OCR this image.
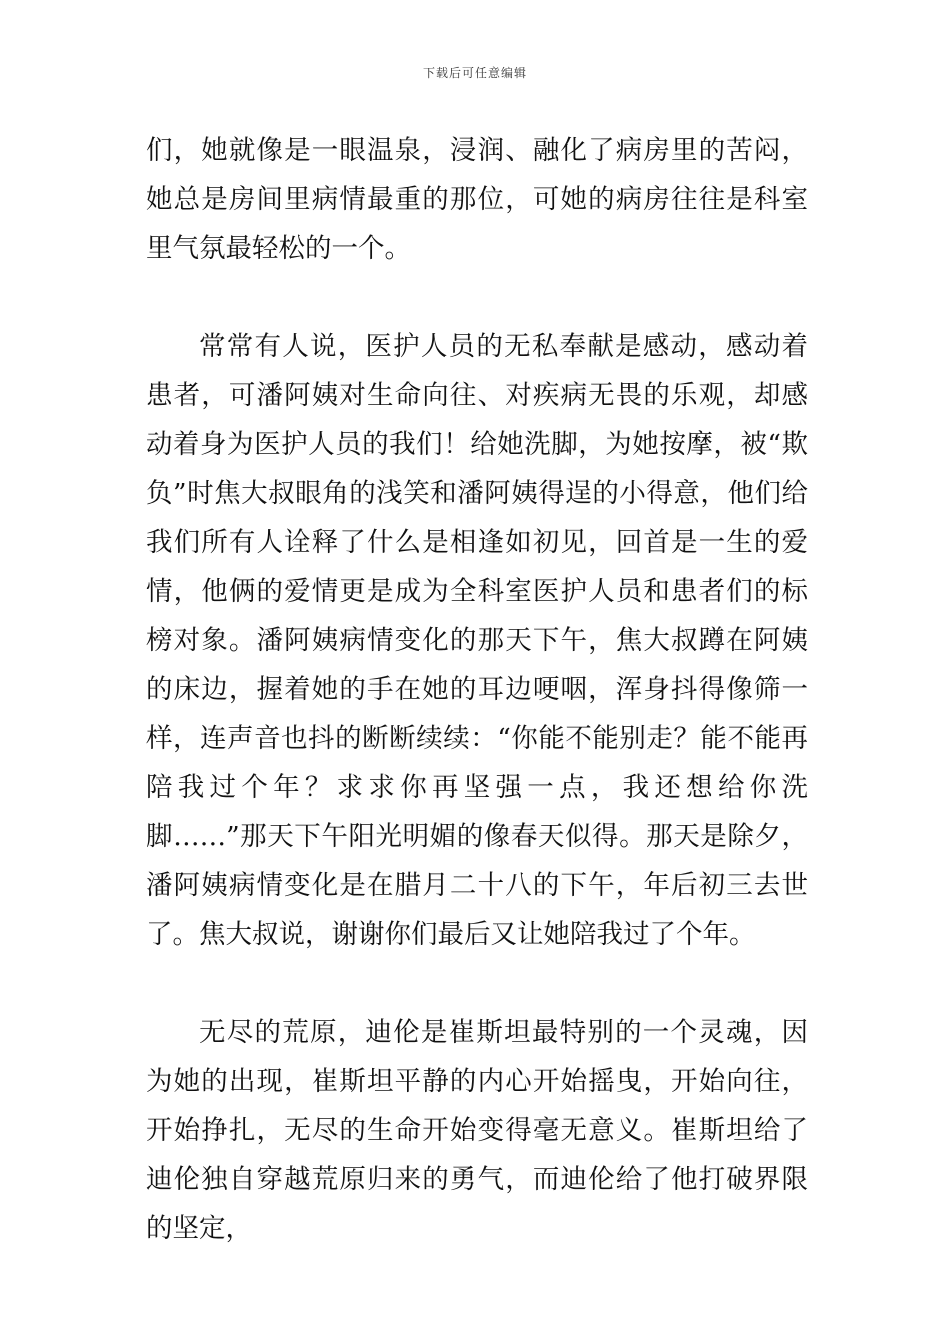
下载后可任意编辑

们，她就像是一眼温泉，浸润、融化了病房里的苦闷，她总是房间里病情最重的那位，可她的病房往往是科室里气氛最轻松的一个。

常常有人说，医护人员的无私奉献是感动，感动着患者，可潘阿姨对生命向往、对疾病无畏的乐观，却感动着身为医护人员的我们！给她洗脚，为她按摩，被“欺负”时焦大叔眼角的浅笑和潘阿姨得逞的小得意，他们给我们所有人诠释了什么是相逢如初见，回首是一生的爱情，他俩的爱情更是成为全科室医护人员和患者们的标榜对象。潘阿姨病情变化的那天下午，焦大叔蹲在阿姨的床边，握着她的手在她的耳边哽咽，浑身抖得像筛一样，连声音也抖的断断续续：“你能不能别走？能不能再陪我过个年？求求你再坚强一点，我还想给你洗脚……”那天下午阳光明媚的像春天似得。那天是除夕，潘阿姨病情变化是在腊月二十八的下午，年后初三去世了。焦大叔说，谢谢你们最后又让她陪我过了个年。

无尽的荒原，迪伦是崔斯坦最特别的一个灵魂，因为她的出现，崔斯坦平静的内心开始摇曳，开始向往，开始挣扎，无尽的生命开始变得毫无意义。崔斯坦给了迪伦独自穿越荒原归来的勇气，而迪伦给了他打破界限的坚定，
